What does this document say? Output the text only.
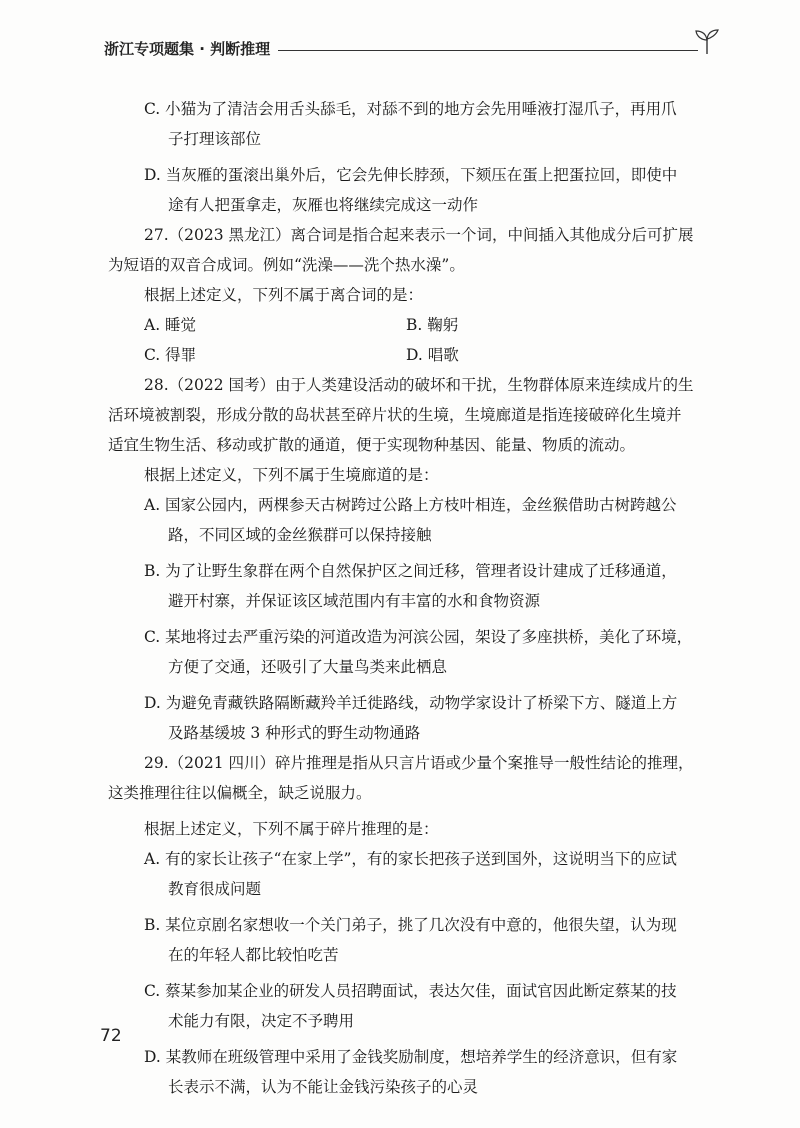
浙江专项题集 · 判断推理
C. 小猫为了清洁会用舌头舔毛，对舔不到的地方会先用唾液打湿爪子，再用爪
子打理该部位
D. 当灰雁的蛋滚出巢外后，它会先伸长脖颈，下颏压在蛋上把蛋拉回，即使中
途有人把蛋拿走，灰雁也将继续完成这一动作
27.（2023 黑龙江）离合词是指合起来表示一个词，中间插入其他成分后可扩展
为短语的双音合成词。例如“洗澡——洗个热水澡”。
根据上述定义，下列不属于离合词的是：
A. 睡觉	B. 鞠躬
C. 得罪	D. 唱歌
28.（2022 国考）由于人类建设活动的破坏和干扰，生物群体原来连续成片的生
活环境被割裂，形成分散的岛状甚至碎片状的生境，生境廊道是指连接破碎化生境并
适宜生物生活、移动或扩散的通道，便于实现物种基因、能量、物质的流动。
根据上述定义，下列不属于生境廊道的是：
A. 国家公园内，两棵参天古树跨过公路上方枝叶相连，金丝猴借助古树跨越公
路，不同区域的金丝猴群可以保持接触
B. 为了让野生象群在两个自然保护区之间迁移，管理者设计建成了迁移通道，
避开村寨，并保证该区域范围内有丰富的水和食物资源
C. 某地将过去严重污染的河道改造为河滨公园，架设了多座拱桥，美化了环境，
方便了交通，还吸引了大量鸟类来此栖息
D. 为避免青藏铁路隔断藏羚羊迁徙路线，动物学家设计了桥梁下方、隧道上方
及路基缓坡 3 种形式的野生动物通路
29.（2021 四川）碎片推理是指从只言片语或少量个案推导一般性结论的推理，
这类推理往往以偏概全，缺乏说服力。
根据上述定义，下列不属于碎片推理的是：
A. 有的家长让孩子“在家上学”，有的家长把孩子送到国外，这说明当下的应试
教育很成问题
B. 某位京剧名家想收一个关门弟子，挑了几次没有中意的，他很失望，认为现
在的年轻人都比较怕吃苦
C. 蔡某参加某企业的研发人员招聘面试，表达欠佳，面试官因此断定蔡某的技
术能力有限，决定不予聘用
D. 某教师在班级管理中采用了金钱奖励制度，想培养学生的经济意识，但有家
长表示不满，认为不能让金钱污染孩子的心灵
72
